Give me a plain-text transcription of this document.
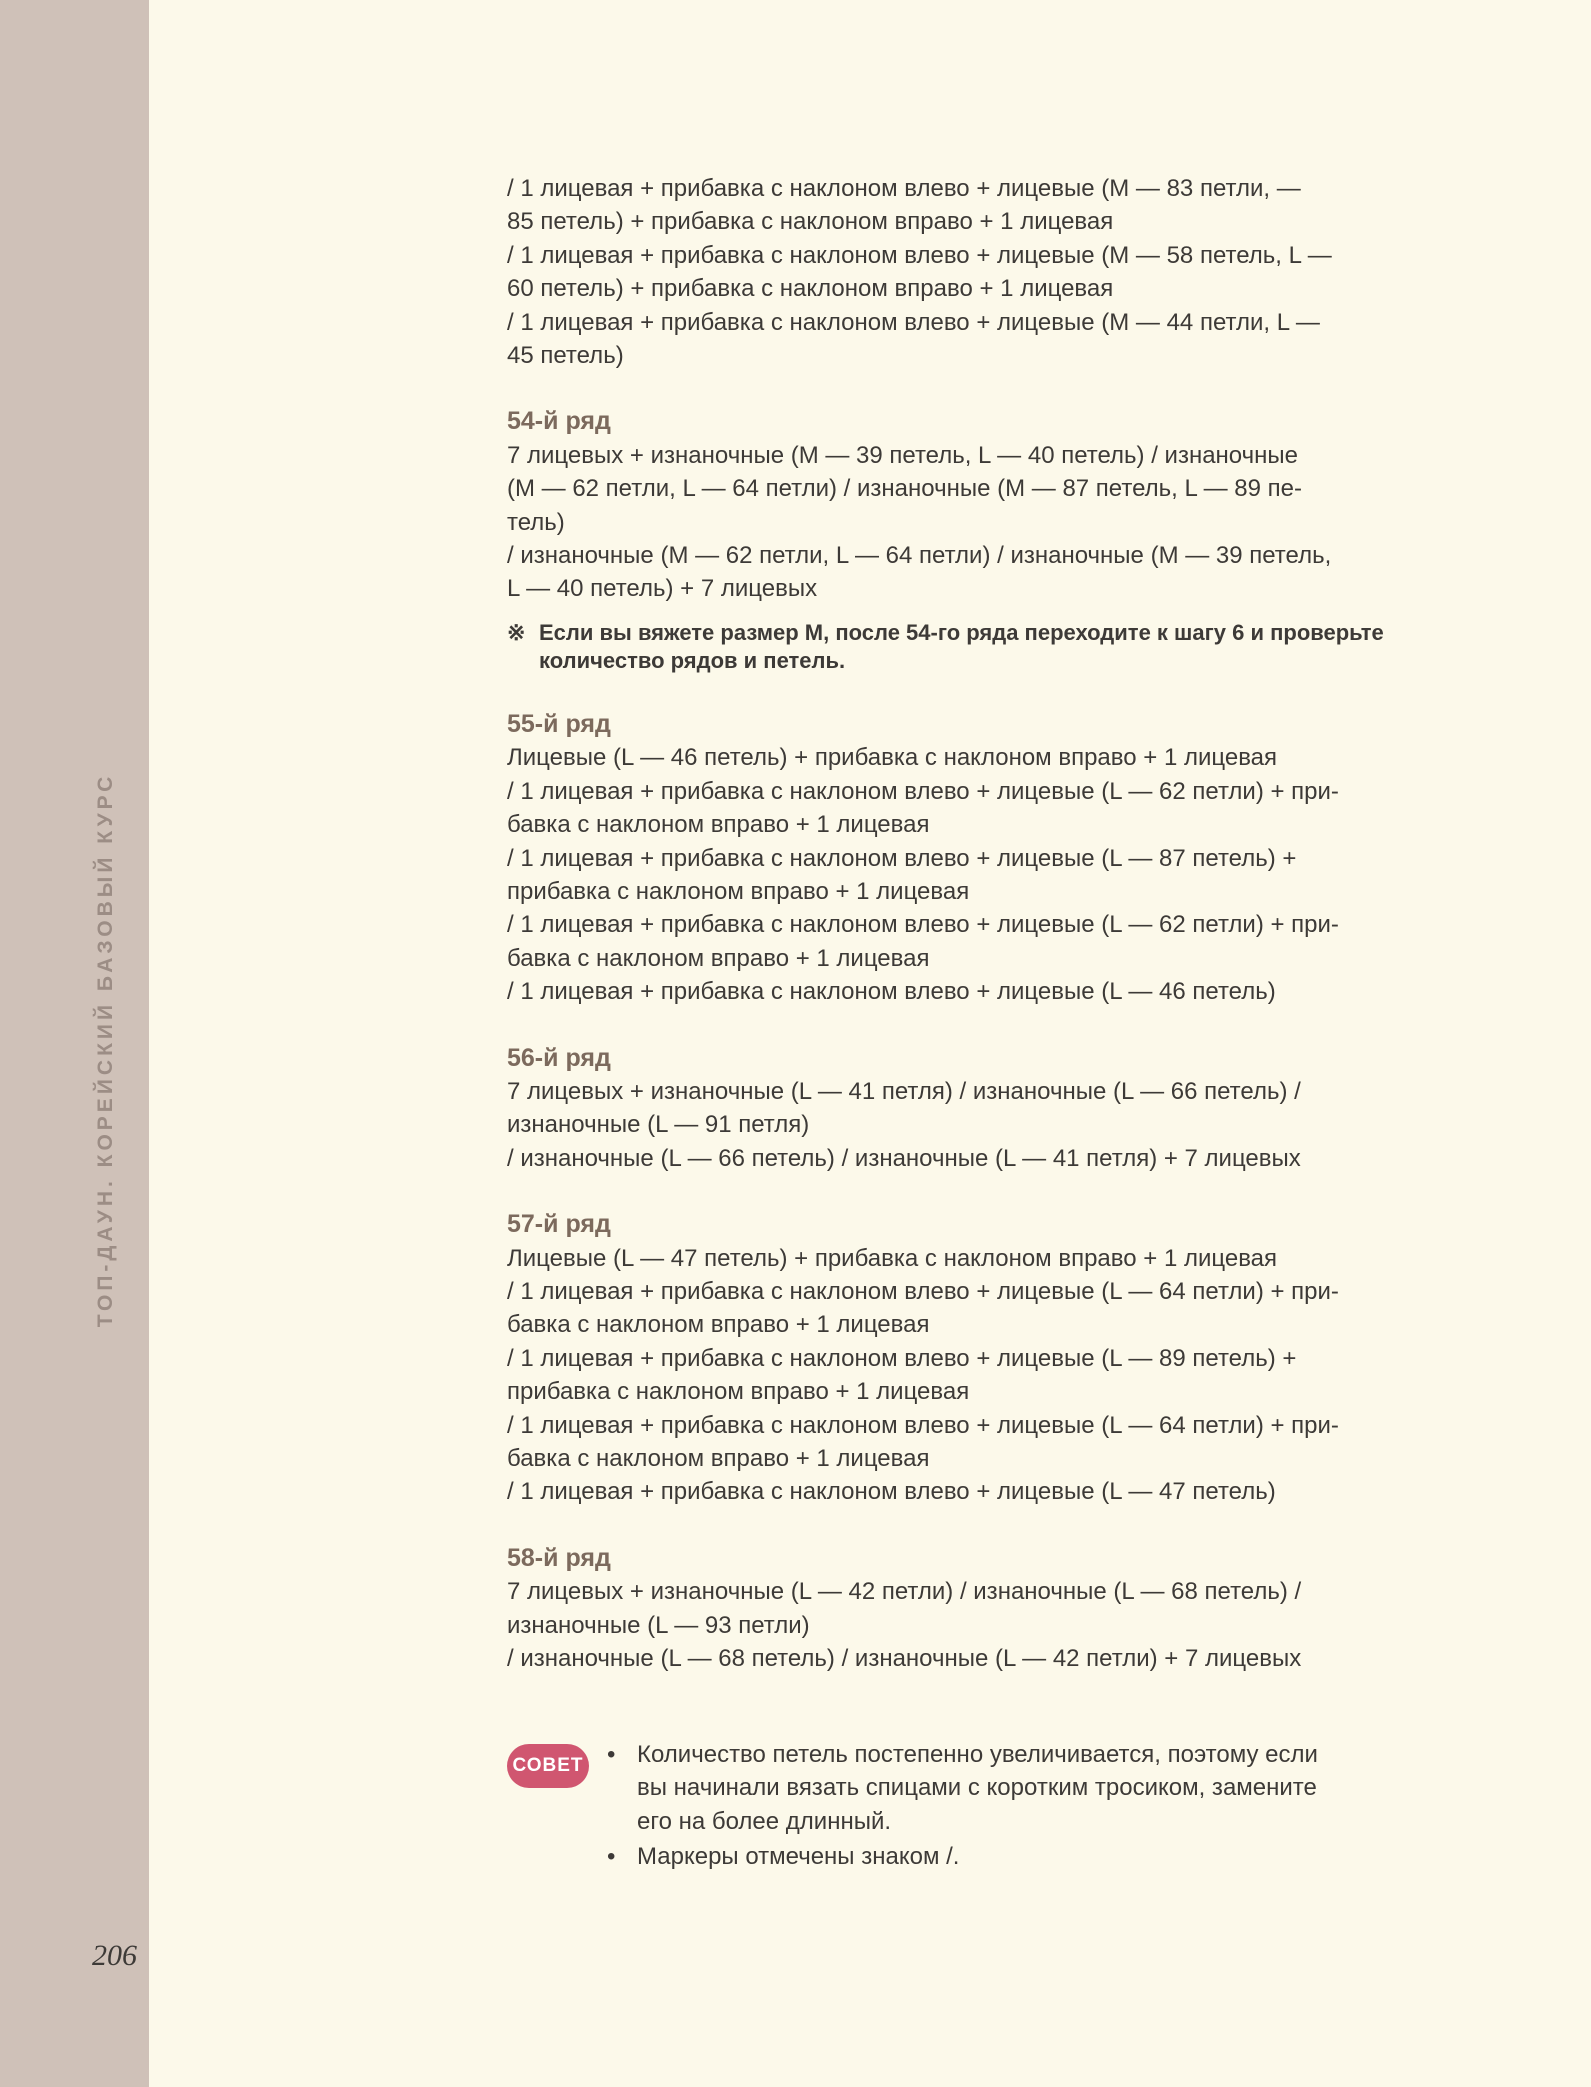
ТОП-ДАУН. КОРЕЙСКИЙ БАЗОВЫЙ КУРС
206
/ 1 лицевая + прибавка с наклоном влево + лицевые (M — 83 петли, —
85 петель) + прибавка с наклоном вправо + 1 лицевая
/ 1 лицевая + прибавка с наклоном влево + лицевые (M — 58 петель, L —
60 петель) + прибавка с наклоном вправо + 1 лицевая
/ 1 лицевая + прибавка с наклоном влево + лицевые (M — 44 петли, L —
45 петель)
54-й ряд
7 лицевых + изнаночные (M — 39 петель, L — 40 петель) / изнаночные
(M — 62 петли, L — 64 петли) / изнаночные (M — 87 петель, L — 89 пе-
тель)
/ изнаночные (M — 62 петли, L — 64 петли) / изнаночные (M — 39 петель,
L — 40 петель) + 7 лицевых
※ Если вы вяжете размер M, после 54-го ряда переходите к шагу 6 и проверьте
количество рядов и петель.
55-й ряд
Лицевые (L — 46 петель) + прибавка с наклоном вправо + 1 лицевая
/ 1 лицевая + прибавка с наклоном влево + лицевые (L — 62 петли) + при-
бавка с наклоном вправо + 1 лицевая
/ 1 лицевая + прибавка с наклоном влево + лицевые (L — 87 петель) +
прибавка с наклоном вправо + 1 лицевая
/ 1 лицевая + прибавка с наклоном влево + лицевые (L — 62 петли) + при-
бавка с наклоном вправо + 1 лицевая
/ 1 лицевая + прибавка с наклоном влево + лицевые (L — 46 петель)
56-й ряд
7 лицевых + изнаночные (L — 41 петля) / изнаночные (L — 66 петель) /
изнаночные (L — 91 петля)
/ изнаночные (L — 66 петель) / изнаночные (L — 41 петля) + 7 лицевых
57-й ряд
Лицевые (L — 47 петель) + прибавка с наклоном вправо + 1 лицевая
/ 1 лицевая + прибавка с наклоном влево + лицевые (L — 64 петли) + при-
бавка с наклоном вправо + 1 лицевая
/ 1 лицевая + прибавка с наклоном влево + лицевые (L — 89 петель) +
прибавка с наклоном вправо + 1 лицевая
/ 1 лицевая + прибавка с наклоном влево + лицевые (L — 64 петли) + при-
бавка с наклоном вправо + 1 лицевая
/ 1 лицевая + прибавка с наклоном влево + лицевые (L — 47 петель)
58-й ряд
7 лицевых + изнаночные (L — 42 петли) / изнаночные (L — 68 петель) /
изнаночные (L — 93 петли)
/ изнаночные (L — 68 петель) / изнаночные (L — 42 петли) + 7 лицевых
СОВЕТ • Количество петель постепенно увеличивается, поэтому если
вы начинали вязать спицами с коротким тросиком, замените
его на более длинный.
• Маркеры отмечены знаком /.
